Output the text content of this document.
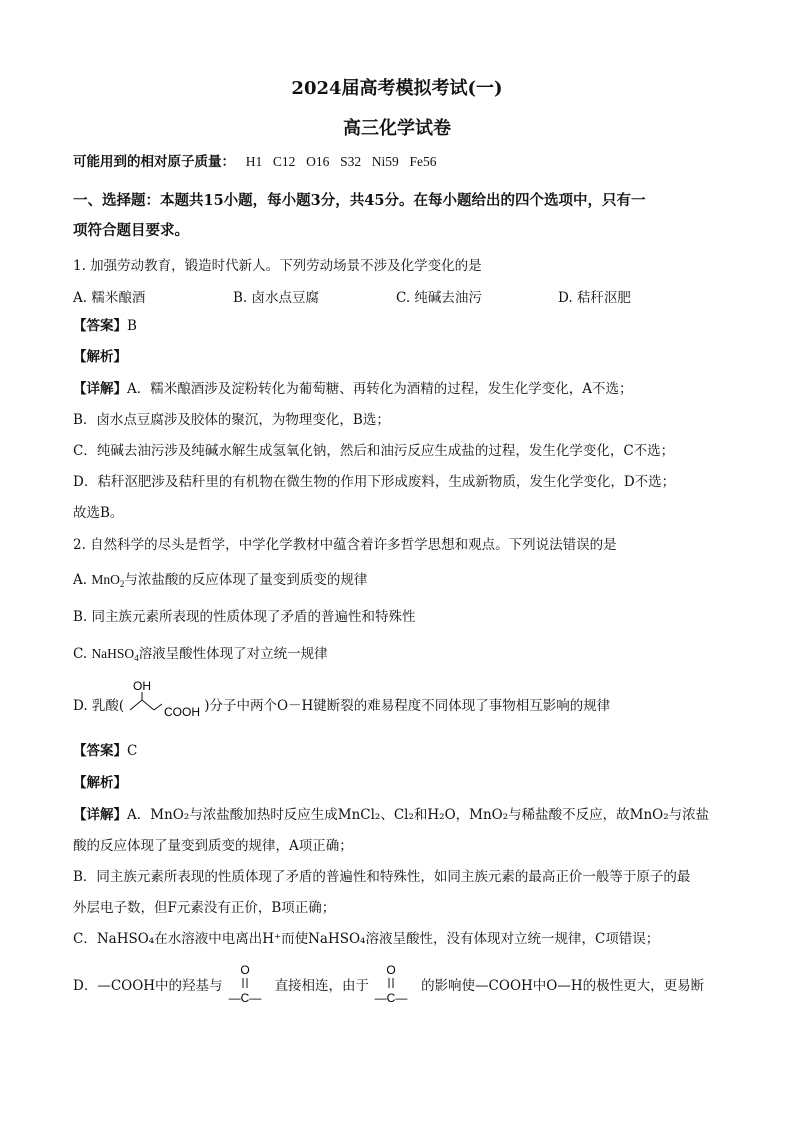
2024届高考模拟考试(一)
高三化学试卷
可能用到的相对原子质量： H1 C12 O16 S32 Ni59 Fe56
一、选择题：本题共15小题，每小题3分，共45分。在每小题给出的四个选项中，只有一
项符合题目要求。
1. 加强劳动教育，锻造时代新人。下列劳动场景不涉及化学变化的是
A. 糯米酿酒	B. 卤水点豆腐	C. 纯碱去油污	D. 秸秆沤肥
【答案】B
【解析】
【详解】A．糯米酿酒涉及淀粉转化为葡萄糖、再转化为酒精的过程，发生化学变化，A不选；
B．卤水点豆腐涉及胶体的聚沉，为物理变化，B选；
C．纯碱去油污涉及纯碱水解生成氢氧化钠，然后和油污反应生成盐的过程，发生化学变化，C不选；
D．秸秆沤肥涉及秸秆里的有机物在微生物的作用下形成废料，生成新物质，发生化学变化，D不选；
故选B。
2. 自然科学的尽头是哲学，中学化学教材中蕴含着许多哲学思想和观点。下列说法错误的是
A. MnO$_2$与浓盐酸的反应体现了量变到质变的规律
B. 同主族元素所表现的性质体现了矛盾的普遍性和特殊性
C. NaHSO$_4$溶液呈酸性体现了对立统一规律
D. 乳酸(	)分子中两个O－H键断裂的难易程度不同体现了事物相互影响的规律
OH
COOH
【答案】C
【解析】
【详解】A．MnO₂与浓盐酸加热时反应生成MnCl₂、Cl₂和H₂O，MnO₂与稀盐酸不反应，故MnO₂与浓盐
酸的反应体现了量变到质变的规律，A项正确；
B．同主族元素所表现的性质体现了矛盾的普遍性和特殊性，如同主族元素的最高正价一般等于原子的最
外层电子数，但F元素没有正价，B项正确；
C．NaHSO₄在水溶液中电离出H⁺而使NaHSO₄溶液呈酸性，没有体现对立统一规律，C项错误；
D．—COOH中的羟基与	直接相连，由于	的影响使—COOH中O—H的极性更大，更易断
O
—C—
O
—C—
